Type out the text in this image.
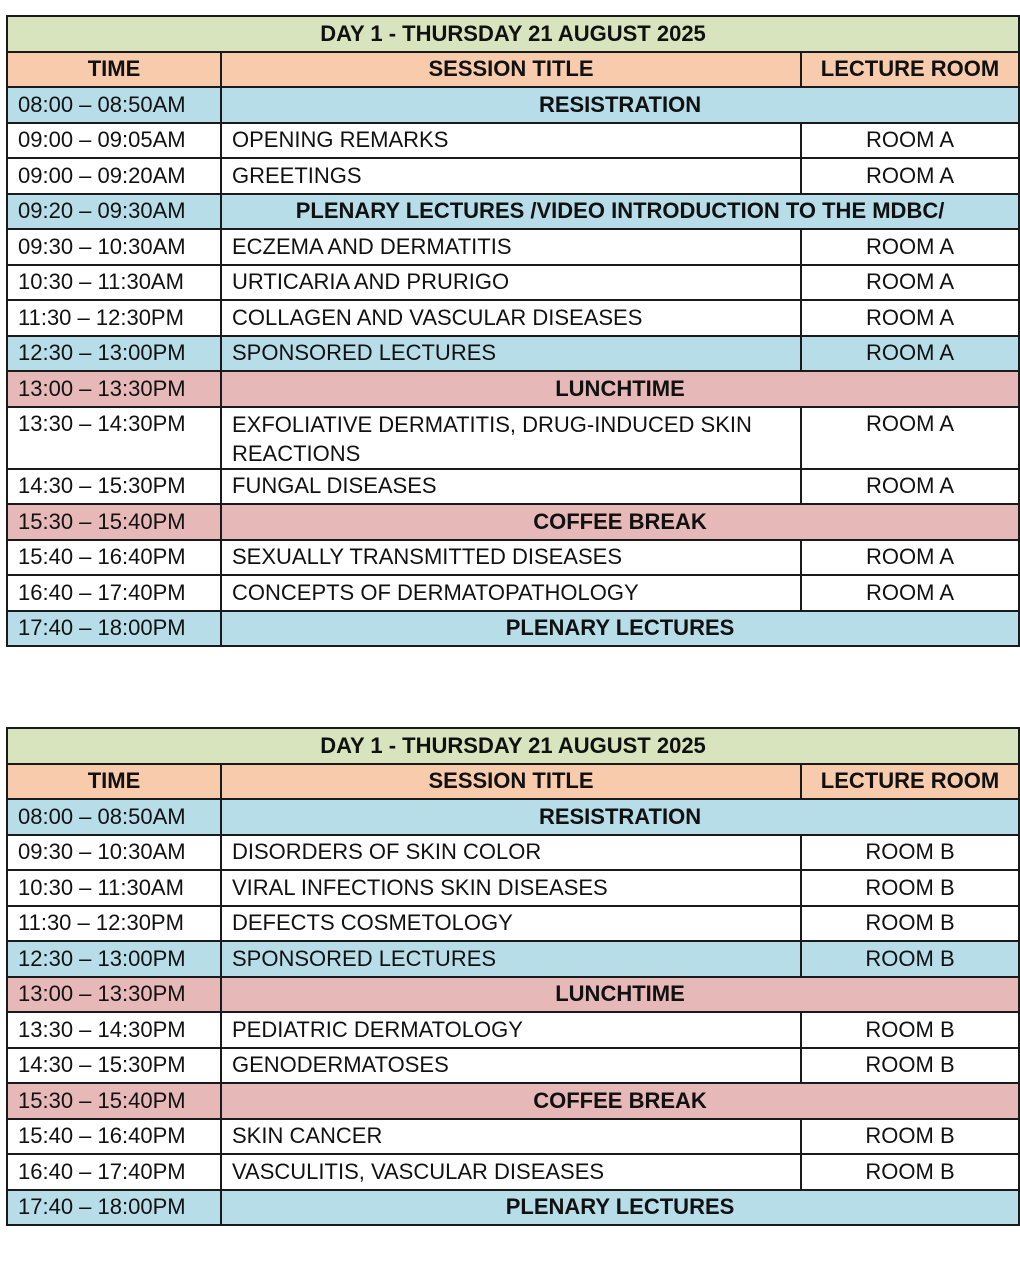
DAY 1 - THURSDAY 21 AUGUST 2025		
TIME	SESSION TITLE	LECTURE ROOM
08:00 – 08:50AM	RESISTRATION	
09:00 – 09:05AM	OPENING REMARKS	ROOM A
09:00 – 09:20AM	GREETINGS	ROOM A
09:20 – 09:30AM	PLENARY LECTURES /VIDEO INTRODUCTION TO THE MDBC/	
09:30 – 10:30AM	ECZEMA AND DERMATITIS	ROOM A
10:30 – 11:30AM	URTICARIA AND PRURIGO	ROOM A
11:30 – 12:30PM	COLLAGEN AND VASCULAR DISEASES	ROOM A
12:30 – 13:00PM	SPONSORED LECTURES	ROOM A
13:00 – 13:30PM	LUNCHTIME	
13:30 – 14:30PM	EXFOLIATIVE DERMATITIS, DRUG-INDUCED SKIN REACTIONS	ROOM A
14:30 – 15:30PM	FUNGAL DISEASES	ROOM A
15:30 – 15:40PM	COFFEE BREAK	
15:40 – 16:40PM	SEXUALLY TRANSMITTED DISEASES	ROOM A
16:40 – 17:40PM	CONCEPTS OF DERMATOPATHOLOGY	ROOM A
17:40 – 18:00PM	PLENARY LECTURES	
DAY 1 - THURSDAY 21 AUGUST 2025		
TIME	SESSION TITLE	LECTURE ROOM
08:00 – 08:50AM	RESISTRATION	
09:30 – 10:30AM	DISORDERS OF SKIN COLOR	ROOM B
10:30 – 11:30AM	VIRAL INFECTIONS SKIN DISEASES	ROOM B
11:30 – 12:30PM	DEFECTS COSMETOLOGY	ROOM B
12:30 – 13:00PM	SPONSORED LECTURES	ROOM B
13:00 – 13:30PM	LUNCHTIME	
13:30 – 14:30PM	PEDIATRIC DERMATOLOGY	ROOM B
14:30 – 15:30PM	GENODERMATOSES	ROOM B
15:30 – 15:40PM	COFFEE BREAK	
15:40 – 16:40PM	SKIN CANCER	ROOM B
16:40 – 17:40PM	VASCULITIS, VASCULAR DISEASES	ROOM B
17:40 – 18:00PM	PLENARY LECTURES	
